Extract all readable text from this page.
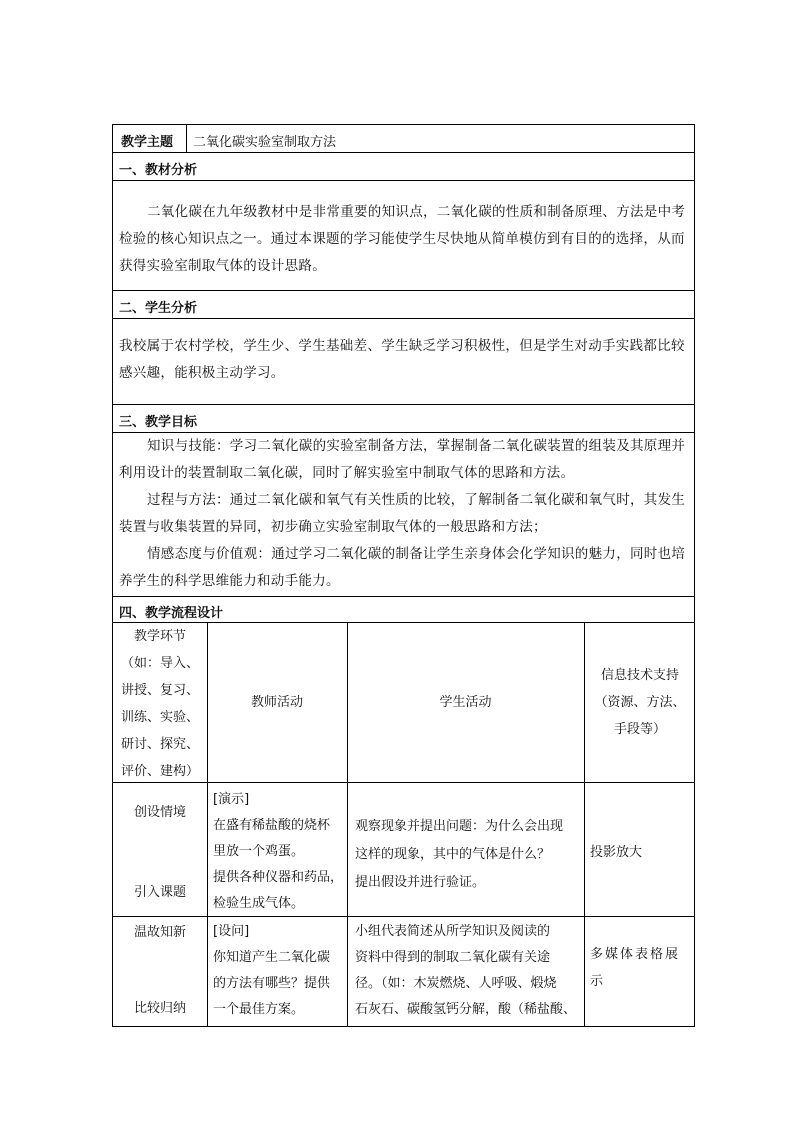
教学主题 二氧化碳实验室制取方法
一、教材分析
二氧化碳在九年级教材中是非常重要的知识点，二氧化碳的性质和制备原理、方法是中考检验的核心知识点之一。通过本课题的学习能使学生尽快地从简单模仿到有目的的选择，从而获得实验室制取气体的设计思路。
二、学生分析
我校属于农村学校，学生少、学生基础差、学生缺乏学习积极性，但是学生对动手实践都比较感兴趣，能积极主动学习。
三、教学目标
知识与技能：学习二氧化碳的实验室制备方法，掌握制备二氧化碳装置的组装及其原理并利用设计的装置制取二氧化碳，同时了解实验室中制取气体的思路和方法。
过程与方法：通过二氧化碳和氧气有关性质的比较，了解制备二氧化碳和氧气时，其发生装置与收集装置的异同，初步确立实验室制取气体的一般思路和方法；
情感态度与价值观：通过学习二氧化碳的制备让学生亲身体会化学知识的魅力，同时也培养学生的科学思维能力和动手能力。
四、教学流程设计
教学环节
（如：导入、
讲授、复习、
训练、实验、
研讨、探究、
评价、建构）
教师活动	学生活动
信息技术支持
（资源、方法、
手段等）
创设情境
引入课题
[演示]
在盛有稀盐酸的烧杯
里放一个鸡蛋。
提供各种仪器和药品，
检验生成气体。
观察现象并提出问题：为什么会出现
这样的现象，其中的气体是什么？
提出假设并进行验证。
投影放大
温故知新
比较归纳
[设问]
你知道产生二氧化碳
的方法有哪些？提供
一个最佳方案。
小组代表简述从所学知识及阅读的
资料中得到的制取二氧化碳有关途
径。（如：木炭燃烧、人呼吸、煅烧
石灰石、碳酸氢钙分解，酸（稀盐酸、
多媒体表格展
示
